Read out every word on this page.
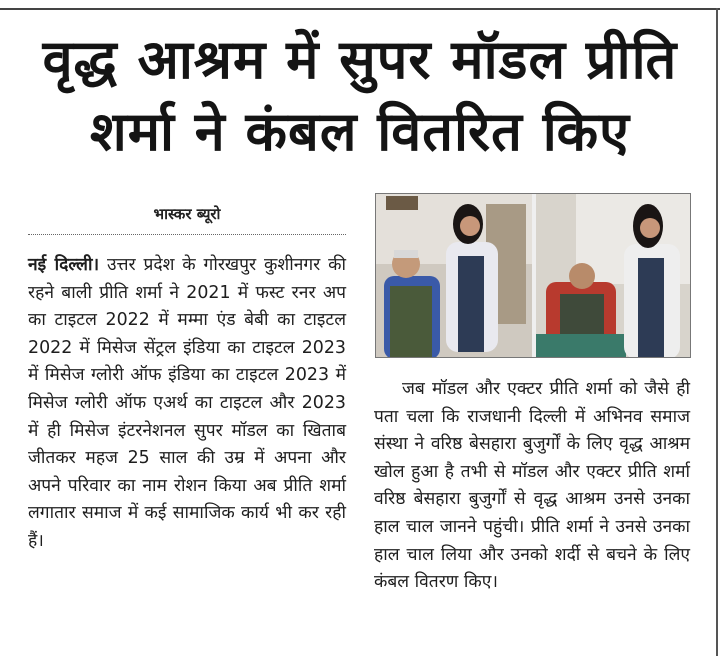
वृद्ध आश्रम में सुपर मॉडल प्रीति
शर्मा ने कंबल वितरित किए
भास्कर ब्यूरो
नई दिल्ली। उत्तर प्रदेश के गोरखपुर कुशीनगर की रहने बाली प्रीति शर्मा ने 2021 में फस्ट रनर अप का टाइटल 2022 में मम्मा एंड बेबी का टाइटल 2022 में मिसेज सेंट्रल इंडिया का टाइटल 2023 में मिसेज ग्लोरी ऑफ इंडिया का टाइटल 2023 में मिसेज ग्लोरी ऑफ एअर्थ का टाइटल और 2023 में ही मिसेज इंटरनेशनल सुपर मॉडल का खिताब जीतकर महज 25 साल की उम्र में अपना और अपने परिवार का नाम रोशन किया अब प्रीति शर्मा लगातार समाज में कई सामाजिक कार्य भी कर रही हैं।
जब मॉडल और एक्टर प्रीति शर्मा को जैसे ही पता चला कि राजधानी दिल्ली में अभिनव समाज संस्था ने वरिष्ठ बेसहारा बुजुर्गों के लिए वृद्ध आश्रम खोल हुआ है तभी से मॉडल और एक्टर प्रीति शर्मा वरिष्ठ बेसहारा बुजुर्गों से वृद्ध आश्रम उनसे उनका हाल चाल जानने पहुंची। प्रीति शर्मा ने उनसे उनका हाल चाल लिया और उनको शर्दी से बचने के लिए कंबल वितरण किए।
